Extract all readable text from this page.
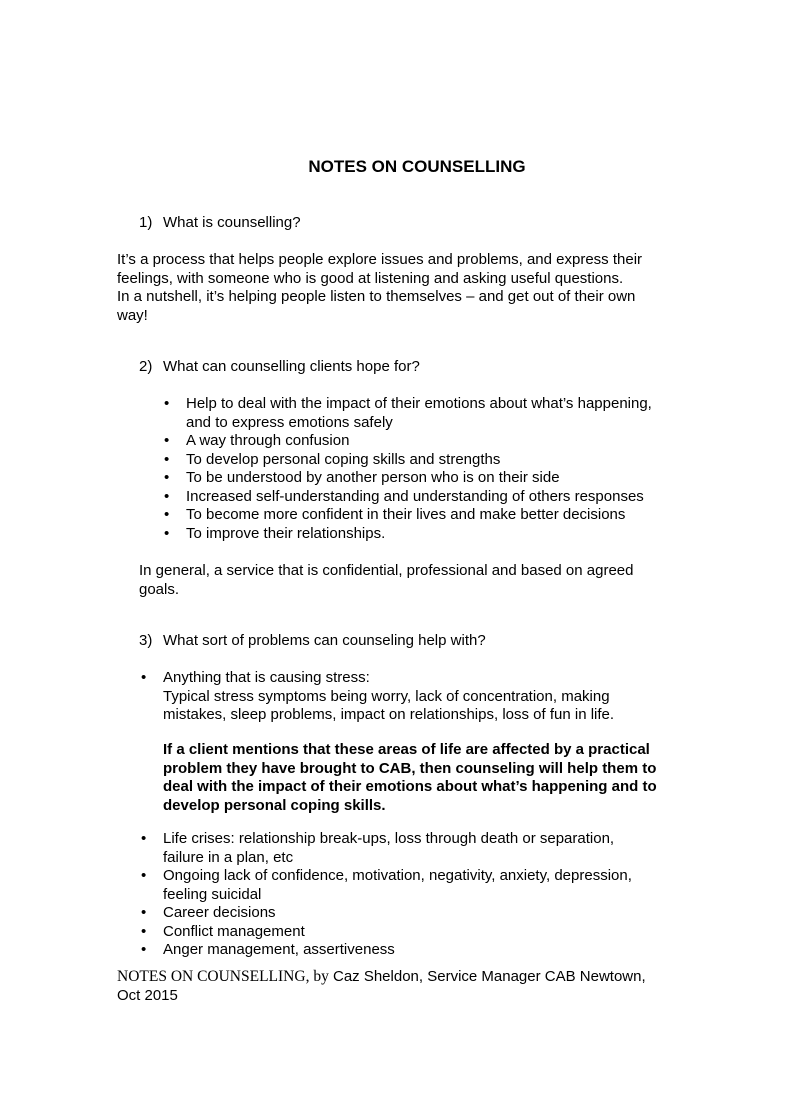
NOTES ON COUNSELLING
1) What is counselling?
It’s a process that helps people explore issues and problems, and express their
feelings, with someone who is good at listening and asking useful questions.
In a nutshell, it’s helping people listen to themselves – and get out of their own
way!
2) What can counselling clients hope for?
• Help to deal with the impact of their emotions about what’s happening,
and to express emotions safely
• A way through confusion
• To develop personal coping skills and strengths
• To be understood by another person who is on their side
• Increased self-understanding and understanding of others responses
• To become more confident in their lives and make better decisions
• To improve their relationships.
In general, a service that is confidential, professional and based on agreed
goals.
3) What sort of problems can counseling help with?
• Anything that is causing stress:
Typical stress symptoms being worry, lack of concentration, making
mistakes, sleep problems, impact on relationships, loss of fun in life.
If a client mentions that these areas of life are affected by a practical
problem they have brought to CAB, then counseling will help them to
deal with the impact of their emotions about what’s happening and to
develop personal coping skills.
• Life crises: relationship break-ups, loss through death or separation,
failure in a plan, etc
• Ongoing lack of confidence, motivation, negativity, anxiety, depression,
feeling suicidal
• Career decisions
• Conflict management
• Anger management, assertiveness
NOTES ON COUNSELLING, by Caz Sheldon, Service Manager CAB Newtown,
Oct 2015
